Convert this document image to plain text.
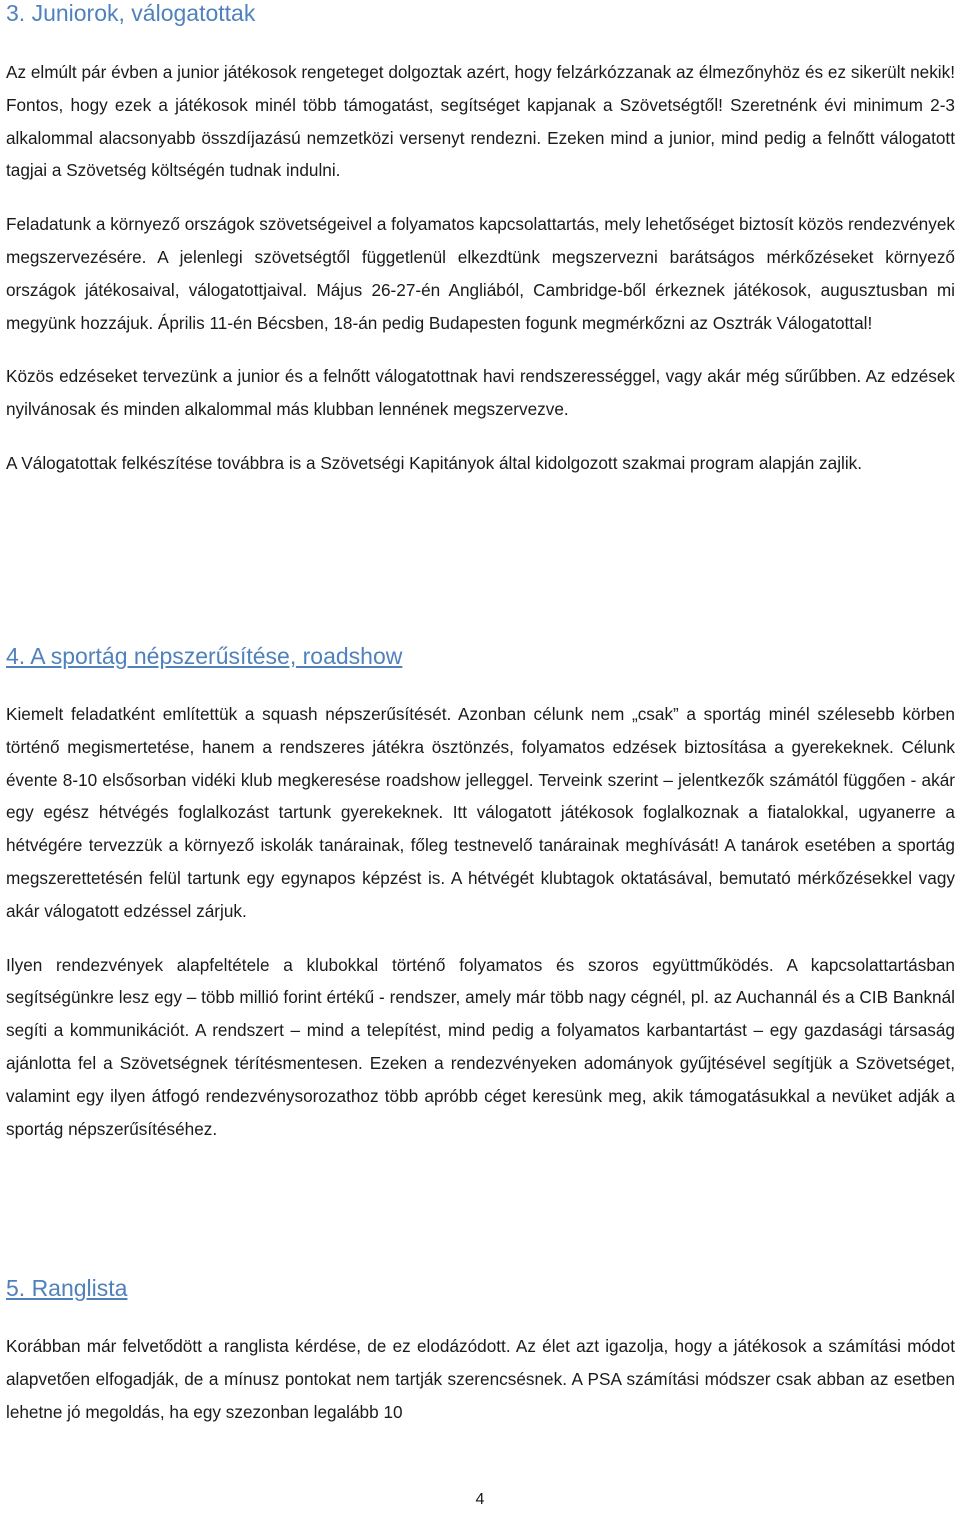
3. Juniorok, válogatottak

Az elmúlt pár évben a junior játékosok rengeteget dolgoztak azért, hogy felzárkózzanak az élmezőnyhöz és ez sikerült nekik! Fontos, hogy ezek a játékosok minél több támogatást, segítséget kapjanak a Szövetségtől! Szeretnénk évi minimum 2-3 alkalommal alacsonyabb összdíjazású nemzetközi versenyt rendezni. Ezeken mind a junior, mind pedig a felnőtt válogatott tagjai a Szövetség költségén tudnak indulni.

Feladatunk a környező országok szövetségeivel a folyamatos kapcsolattartás, mely lehetőséget biztosít közös rendezvények megszervezésére. A jelenlegi szövetségtől függetlenül elkezdtünk megszervezni barátságos mérkőzéseket környező országok játékosaival, válogatottjaival. Május 26-27-én Angliából, Cambridge-ből érkeznek játékosok, augusztusban mi megyünk hozzájuk. Április 11-én Bécsben, 18-án pedig Budapesten fogunk megmérkőzni az Osztrák Válogatottal!

Közös edzéseket tervezünk a junior és a felnőtt válogatottnak havi rendszerességgel, vagy akár még sűrűbben. Az edzések nyilvánosak és minden alkalommal más klubban lennének megszervezve.

A Válogatottak felkészítése továbbra is a Szövetségi Kapitányok által kidolgozott szakmai program alapján zajlik.

4. A sportág népszerűsítése, roadshow

Kiemelt feladatként említettük a squash népszerűsítését. Azonban célunk nem „csak” a sportág minél szélesebb körben történő megismertetése, hanem a rendszeres játékra ösztönzés, folyamatos edzések biztosítása a gyerekeknek. Célunk évente 8-10 elsősorban vidéki klub megkeresése roadshow jelleggel. Terveink szerint – jelentkezők számától függően - akár egy egész hétvégés foglalkozást tartunk gyerekeknek. Itt válogatott játékosok foglalkoznak a fiatalokkal, ugyanerre a hétvégére tervezzük a környező iskolák tanárainak, főleg testnevelő tanárainak meghívását! A tanárok esetében a sportág megszerettetésén felül tartunk egy egynapos képzést is. A hétvégét klubtagok oktatásával, bemutató mérkőzésekkel vagy akár válogatott edzéssel zárjuk.

Ilyen rendezvények alapfeltétele a klubokkal történő folyamatos és szoros együttműködés. A kapcsolattartásban segítségünkre lesz egy – több millió forint értékű - rendszer, amely már több nagy cégnél, pl. az Auchannál és a CIB Banknál segíti a kommunikációt. A rendszert – mind a telepítést, mind pedig a folyamatos karbantartást – egy gazdasági társaság ajánlotta fel a Szövetségnek térítésmentesen. Ezeken a rendezvényeken adományok gyűjtésével segítjük a Szövetséget, valamint egy ilyen átfogó rendezvénysorozathoz több apróbb céget keresünk meg, akik támogatásukkal a nevüket adják a sportág népszerűsítéséhez.

5. Ranglista

Korábban már felvetődött a ranglista kérdése, de ez elodázódott. Az élet azt igazolja, hogy a játékosok a számítási módot alapvetően elfogadják, de a mínusz pontokat nem tartják szerencsésnek. A PSA számítási módszer csak abban az esetben lehetne jó megoldás, ha egy szezonban legalább 10

4
